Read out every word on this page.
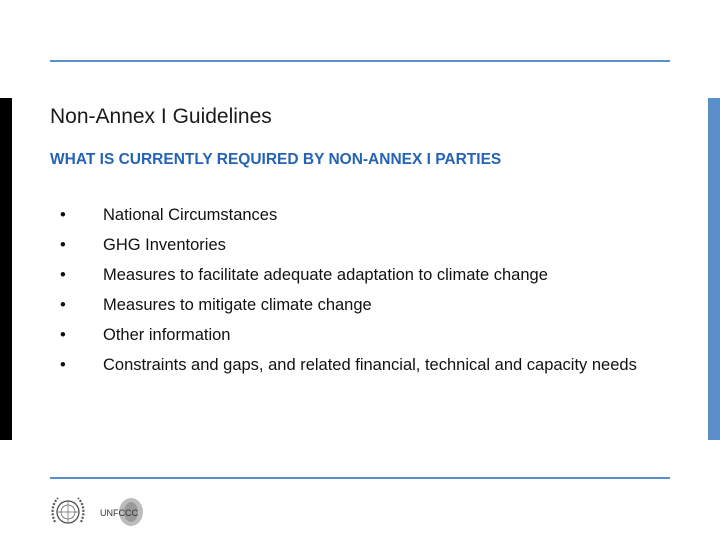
Non-Annex I Guidelines
WHAT IS CURRENTLY REQUIRED BY NON-ANNEX I PARTIES
•	National Circumstances
•	GHG Inventories
•	Measures to facilitate adequate adaptation to climate change
•	Measures to mitigate climate change
•	Other information
•	Constraints and gaps, and related financial, technical and capacity needs
UNFCCC
